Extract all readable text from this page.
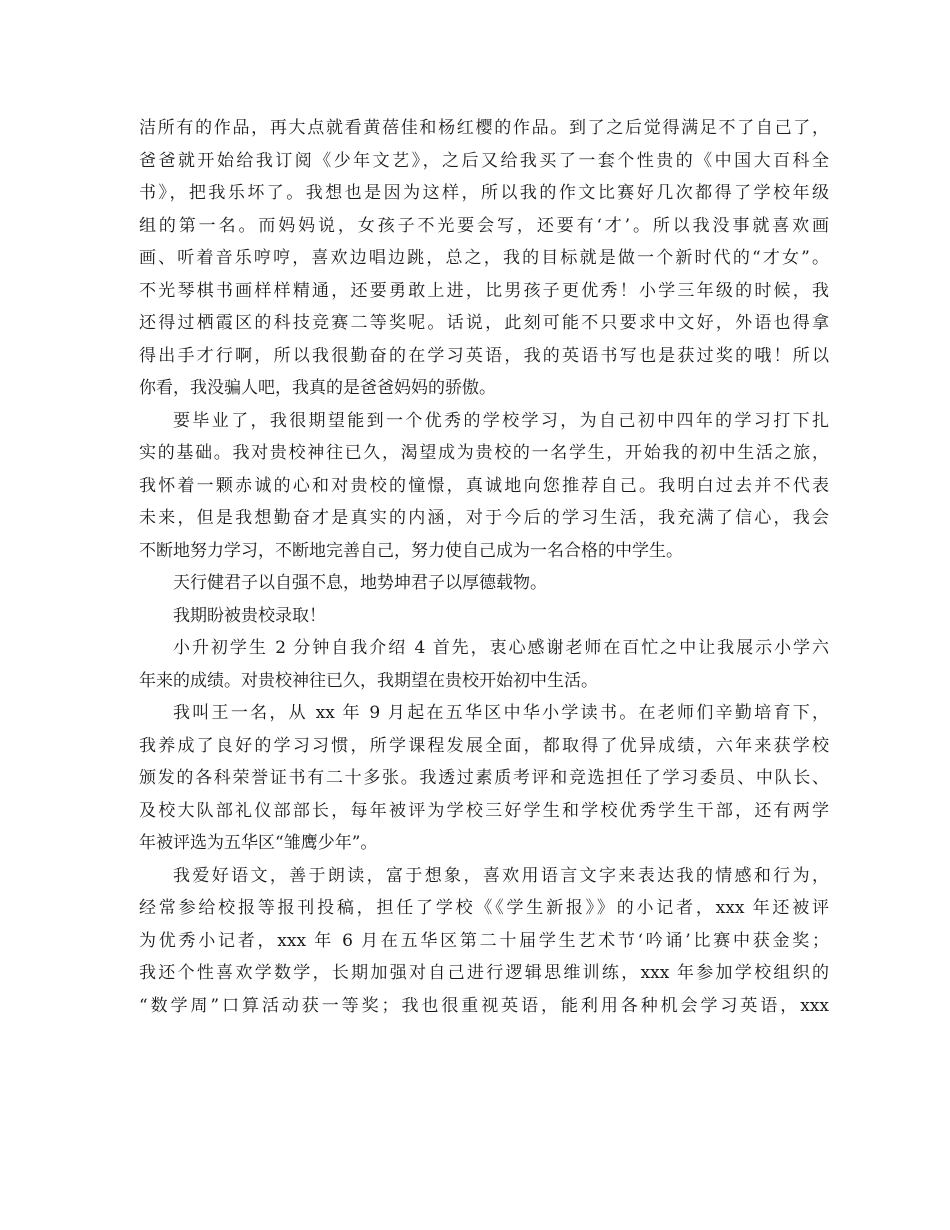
洁所有的作品，再大点就看黄蓓佳和杨红樱的作品。到了之后觉得满足不了自己了，
爸爸就开始给我订阅《少年文艺》，之后又给我买了一套个性贵的《中国大百科全
书》，把我乐坏了。我想也是因为这样，所以我的作文比赛好几次都得了学校年级
组的第一名。而妈妈说，女孩子不光要会写，还要有‘才’。所以我没事就喜欢画
画、听着音乐哼哼，喜欢边唱边跳，总之，我的目标就是做一个新时代的“才女”。
不光琴棋书画样样精通，还要勇敢上进，比男孩子更优秀！小学三年级的时候，我
还得过栖霞区的科技竞赛二等奖呢。话说，此刻可能不只要求中文好，外语也得拿
得出手才行啊，所以我很勤奋的在学习英语，我的英语书写也是获过奖的哦！所以
你看，我没骗人吧，我真的是爸爸妈妈的骄傲。
要毕业了，我很期望能到一个优秀的学校学习，为自己初中四年的学习打下扎
实的基础。我对贵校神往已久，渴望成为贵校的一名学生，开始我的初中生活之旅，
我怀着一颗赤诚的心和对贵校的憧憬，真诚地向您推荐自己。我明白过去并不代表
未来，但是我想勤奋才是真实的内涵，对于今后的学习生活，我充满了信心，我会
不断地努力学习，不断地完善自己，努力使自己成为一名合格的中学生。
天行健君子以自强不息，地势坤君子以厚德载物。
我期盼被贵校录取！
小升初学生 2 分钟自我介绍 4 首先，衷心感谢老师在百忙之中让我展示小学六
年来的成绩。对贵校神往已久，我期望在贵校开始初中生活。
我叫王一名，从 xx 年 9 月起在五华区中华小学读书。在老师们辛勤培育下，
我养成了良好的学习习惯，所学课程发展全面，都取得了优异成绩，六年来获学校
颁发的各科荣誉证书有二十多张。我透过素质考评和竞选担任了学习委员、中队长、
及校大队部礼仪部部长，每年被评为学校三好学生和学校优秀学生干部，还有两学
年被评选为五华区“雏鹰少年”。
我爱好语文，善于朗读，富于想象，喜欢用语言文字来表达我的情感和行为，
经常参给校报等报刊投稿，担任了学校《《学生新报》》的小记者，xxx 年还被评
为优秀小记者，xxx 年 6 月在五华区第二十届学生艺术节‘吟诵’比赛中获金奖；
我还个性喜欢学数学，长期加强对自己进行逻辑思维训练，xxx 年参加学校组织的
“数学周”口算活动获一等奖；我也很重视英语，能利用各种机会学习英语，xxx
